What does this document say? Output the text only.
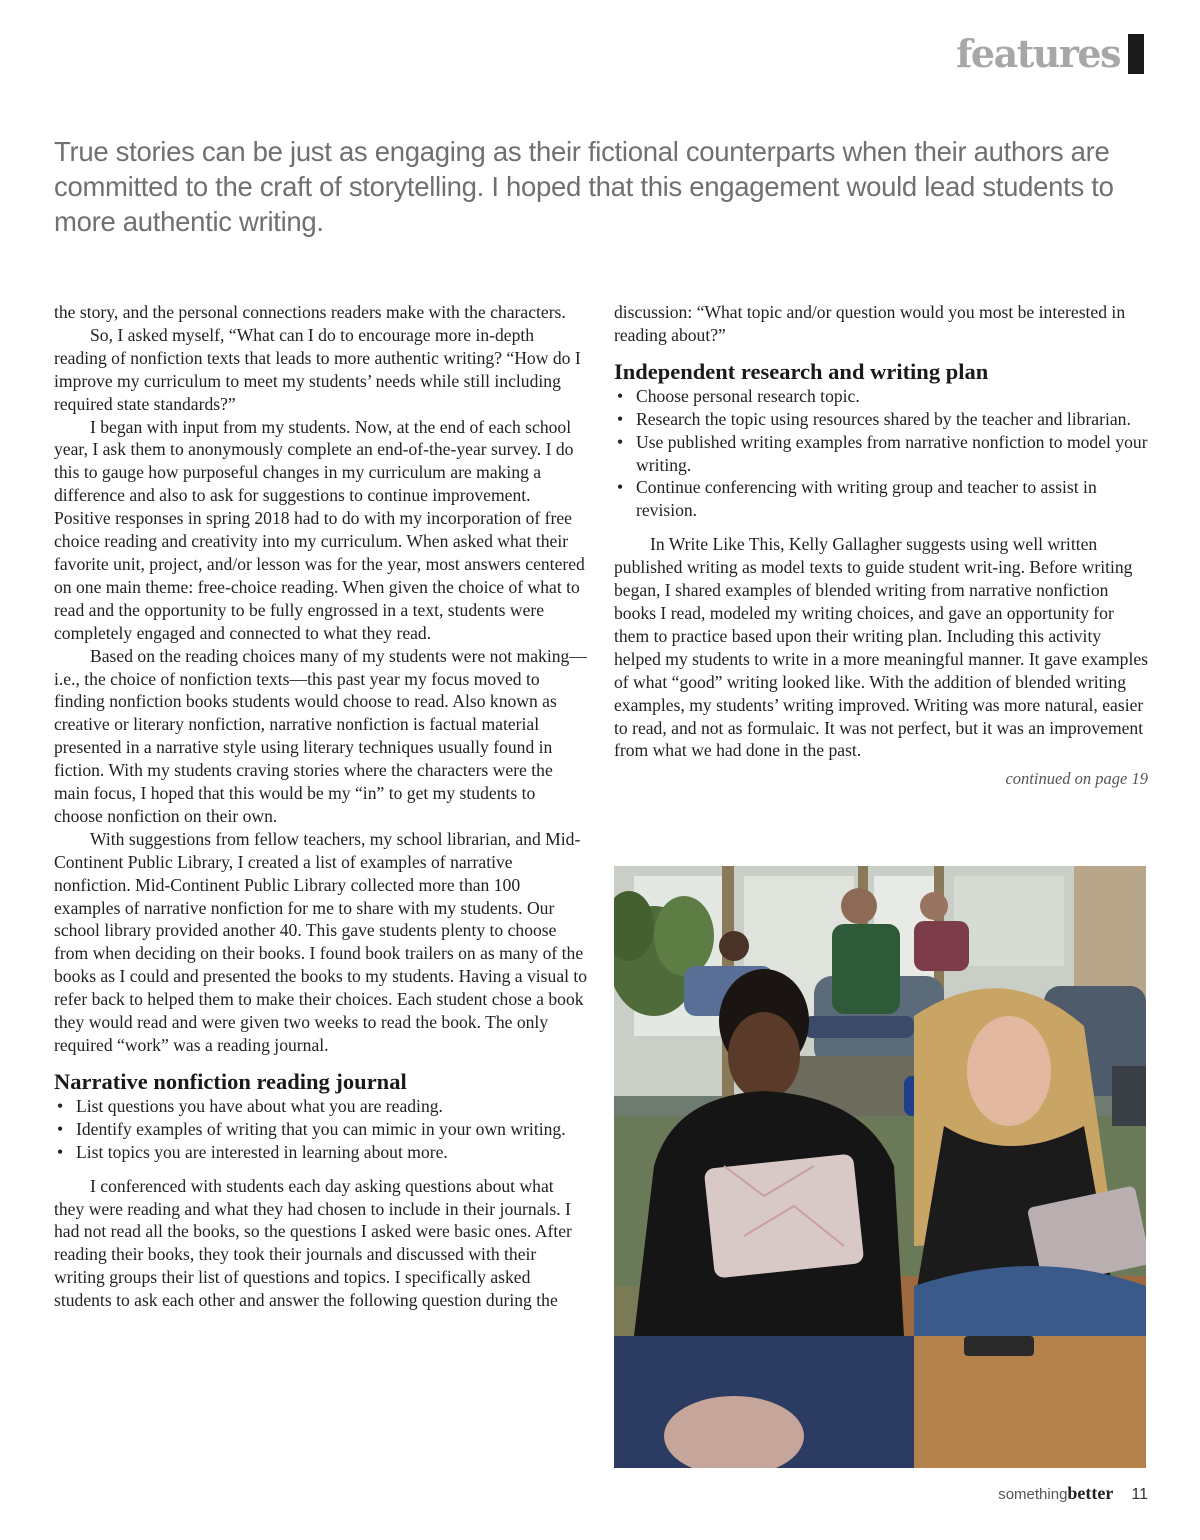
features
True stories can be just as engaging as their fictional counterparts when their authors are committed to the craft of storytelling. I hoped that this engagement would lead students to more authentic writing.

the story, and the personal connections readers make with the characters.

So, I asked myself, “What can I do to encourage more in-depth reading of nonfiction texts that leads to more authentic writing? “How do I improve my curriculum to meet my students’ needs while still including required state standards?”

I began with input from my students. Now, at the end of each school year, I ask them to anonymously complete an end-of-the-year survey. I do this to gauge how purposeful changes in my curriculum are making a difference and also to ask for suggestions to continue improvement. Positive responses in spring 2018 had to do with my incorporation of free choice reading and creativity into my curriculum. When asked what their favorite unit, project, and/or lesson was for the year, most answers centered on one main theme: free-choice reading. When given the choice of what to read and the opportunity to be fully engrossed in a text, students were completely engaged and connected to what they read.

Based on the reading choices many of my students were not making—i.e., the choice of nonfiction texts—this past year my focus moved to finding nonfiction books students would choose to read. Also known as creative or literary nonfiction, narrative nonfiction is factual material presented in a narrative style using literary techniques usually found in fiction. With my students craving stories where the characters were the main focus, I hoped that this would be my “in” to get my students to choose nonfiction on their own.

With suggestions from fellow teachers, my school librarian, and Mid-Continent Public Library, I created a list of examples of narrative nonfiction. Mid-Continent Public Library collected more than 100 examples of narrative nonfiction for me to share with my students. Our school library provided another 40. This gave students plenty to choose from when deciding on their books. I found book trailers on as many of the books as I could and presented the books to my students. Having a visual to refer back to helped them to make their choices. Each student chose a book they would read and were given two weeks to read the book. The only required “work” was a reading journal.

Narrative nonfiction reading journal
• List questions you have about what you are reading.
• Identify examples of writing that you can mimic in your own writing.
• List topics you are interested in learning about more.

I conferenced with students each day asking questions about what they were reading and what they had chosen to include in their journals. I had not read all the books, so the questions I asked were basic ones. After reading their books, they took their journals and discussed with their writing groups their list of questions and topics. I specifically asked students to ask each other and answer the following question during the

discussion: “What topic and/or question would you most be interested in reading about?”

Independent research and writing plan
• Choose personal research topic.
• Research the topic using resources shared by the teacher and librarian.
• Use published writing examples from narrative nonfiction to model your writing.
• Continue conferencing with writing group and teacher to assist in revision.

In Write Like This, Kelly Gallagher suggests using well written published writing as model texts to guide student writ-ing. Before writing began, I shared examples of blended writing from narrative nonfiction books I read, modeled my writing choices, and gave an opportunity for them to practice based upon their writing plan. Including this activity helped my students to write in a more meaningful manner. It gave examples of what “good” writing looked like. With the addition of blended writing examples, my students’ writing improved. Writing was more natural, easier to read, and not as formulaic. It was not perfect, but it was an improvement from what we had done in the past.

continued on page 19
something better 11
